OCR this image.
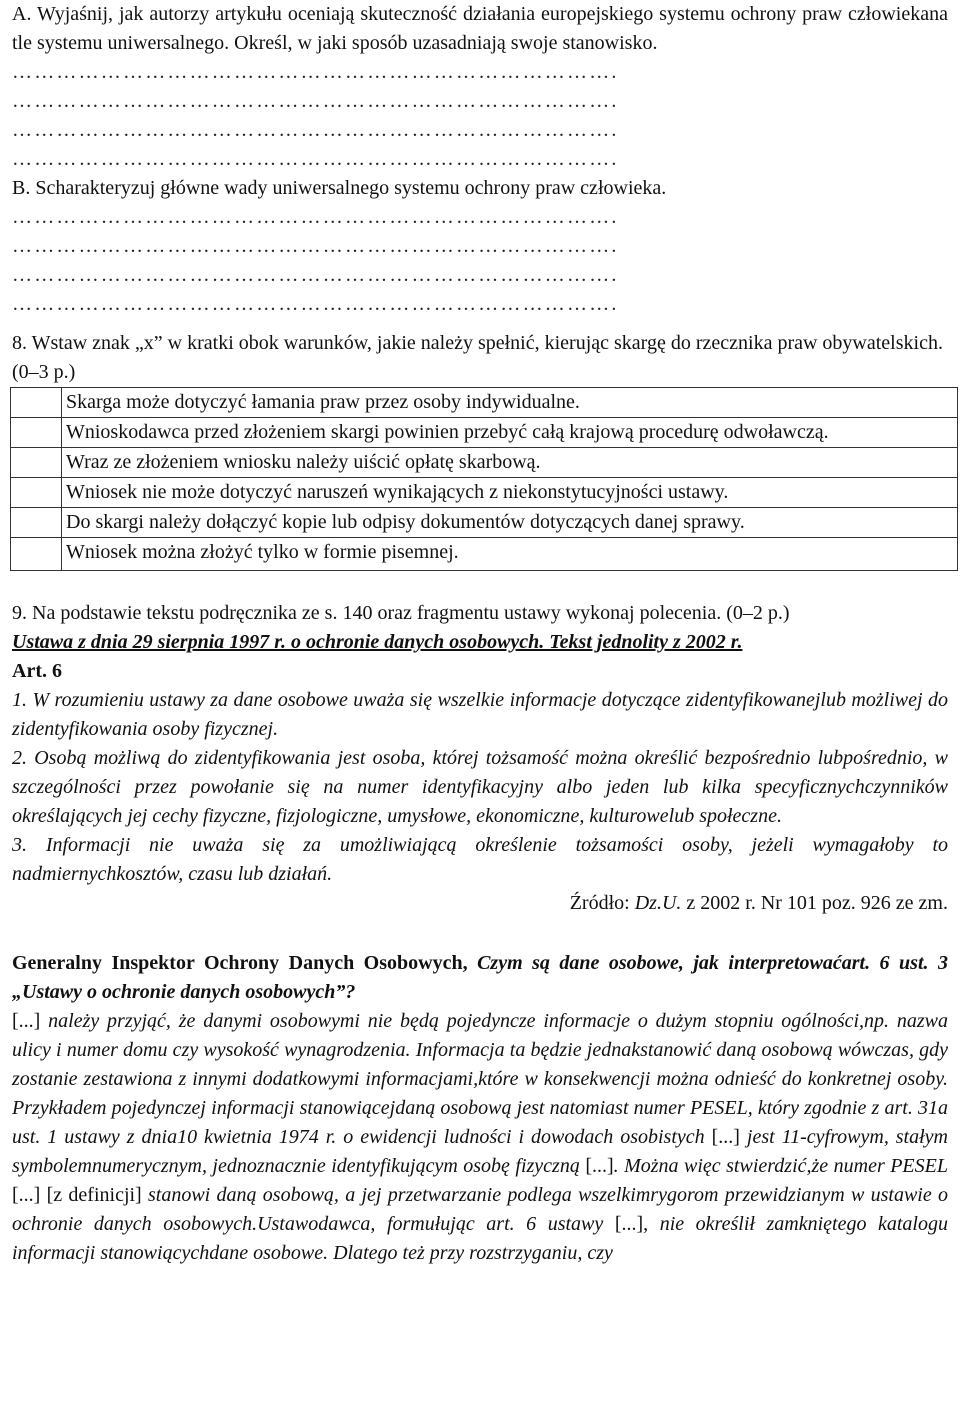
A. Wyjaśnij, jak autorzy artykułu oceniają skuteczność działania europejskiego systemu ochrony praw człowiekana tle systemu uniwersalnego. Określ, w jaki sposób uzasadniają swoje stanowisko.

……………………………………………………………………….
……………………………………………………………………….
……………………………………………………………………….
……………………………………………………………………….

B. Scharakteryzuj główne wady uniwersalnego systemu ochrony praw człowieka.

……………………………………………………………………….
……………………………………………………………………….
……………………………………………………………………….
……………………………………………………………………….

8. Wstaw znak „x” w kratki obok warunków, jakie należy spełnić, kierując skargę do rzecznika praw obywatelskich. (0–3 p.)

	Skarga może dotyczyć łamania praw przez osoby indywidualne.
	Wnioskodawca przed złożeniem skargi powinien przebyć całą krajową procedurę odwoławczą.
	Wraz ze złożeniem wniosku należy uiścić opłatę skarbową.
	Wniosek nie może dotyczyć naruszeń wynikających z niekonstytucyjności ustawy.
	Do skargi należy dołączyć kopie lub odpisy dokumentów dotyczących danej sprawy.
	Wniosek można złożyć tylko w formie pisemnej.

9. Na podstawie tekstu podręcznika ze s. 140 oraz fragmentu ustawy wykonaj polecenia. (0–2 p.)

Ustawa z dnia 29 sierpnia 1997 r. o ochronie danych osobowych. Tekst jednolity z 2002 r.

Art. 6

1. W rozumieniu ustawy za dane osobowe uważa się wszelkie informacje dotyczące zidentyfikowanejlub możliwej do zidentyfikowania osoby fizycznej.

2. Osobą możliwą do zidentyfikowania jest osoba, której tożsamość można określić bezpośrednio lubpośrednio, w szczególności przez powołanie się na numer identyfikacyjny albo jeden lub kilka specyficznychczynników określających jej cechy fizyczne, fizjologiczne, umysłowe, ekonomiczne, kulturowelub społeczne.

3. Informacji nie uważa się za umożliwiającą określenie tożsamości osoby, jeżeli wymagałoby to nadmiernychkosztów, czasu lub działań.

Źródło: Dz.U. z 2002 r. Nr 101 poz. 926 ze zm.

Generalny Inspektor Ochrony Danych Osobowych, Czym są dane osobowe, jak interpretowaćart. 6 ust. 3 „Ustawy o ochronie danych osobowych”?

[...] należy przyjąć, że danymi osobowymi nie będą pojedyncze informacje o dużym stopniu ogólności,np. nazwa ulicy i numer domu czy wysokość wynagrodzenia. Informacja ta będzie jednakstanowić daną osobową wówczas, gdy zostanie zestawiona z innymi dodatkowymi informacjami,które w konsekwencji można odnieść do konkretnej osoby. Przykładem pojedynczej informacji stanowiącejdaną osobową jest natomiast numer PESEL, który zgodnie z art. 31a ust. 1 ustawy z dnia10 kwietnia 1974 r. o ewidencji ludności i dowodach osobistych [...] jest 11-cyfrowym, stałym symbolemnumerycznym, jednoznacznie identyfikującym osobę fizyczną [...]. Można więc stwierdzić,że numer PESEL [...] [z definicji] stanowi daną osobową, a jej przetwarzanie podlega wszelkimrygorom przewidzianym w ustawie o ochronie danych osobowych.Ustawodawca, formułując art. 6 ustawy [...], nie określił zamkniętego katalogu informacji stanowiącychdane osobowe. Dlatego też przy rozstrzyganiu, czy
